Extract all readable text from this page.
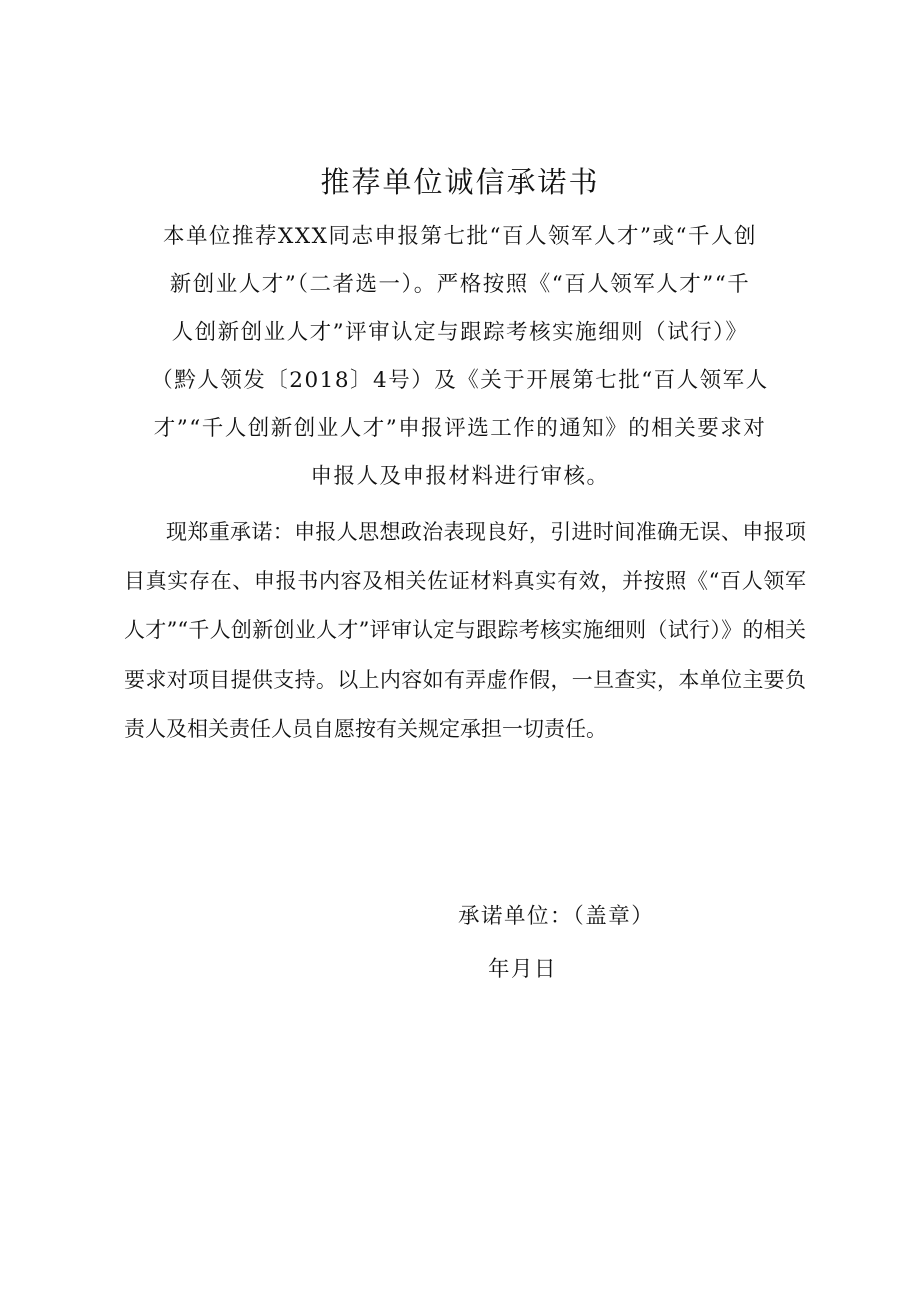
推荐单位诚信承诺书
本单位推荐XXX同志申报第七批“百人领军人才”或“千人创
新创业人才”（二者选一）。严格按照《“百人领军人才”“千
人创新创业人才”评审认定与跟踪考核实施细则（试行）》
（黔人领发〔2018〕4号）及《关于开展第七批“百人领军人
才”“千人创新创业人才”申报评选工作的通知》的相关要求对
申报人及申报材料进行审核。
现郑重承诺：申报人思想政治表现良好，引进时间准确无误、申报项目真实存在、申报书内容及相关佐证材料真实有效，并按照《“百人领军人才”“千人创新创业人才”评审认定与跟踪考核实施细则（试行）》的相关要求对项目提供支持。以上内容如有弄虚作假，一旦查实，本单位主要负责人及相关责任人员自愿按有关规定承担一切责任。
承诺单位：（盖章）
年月日
